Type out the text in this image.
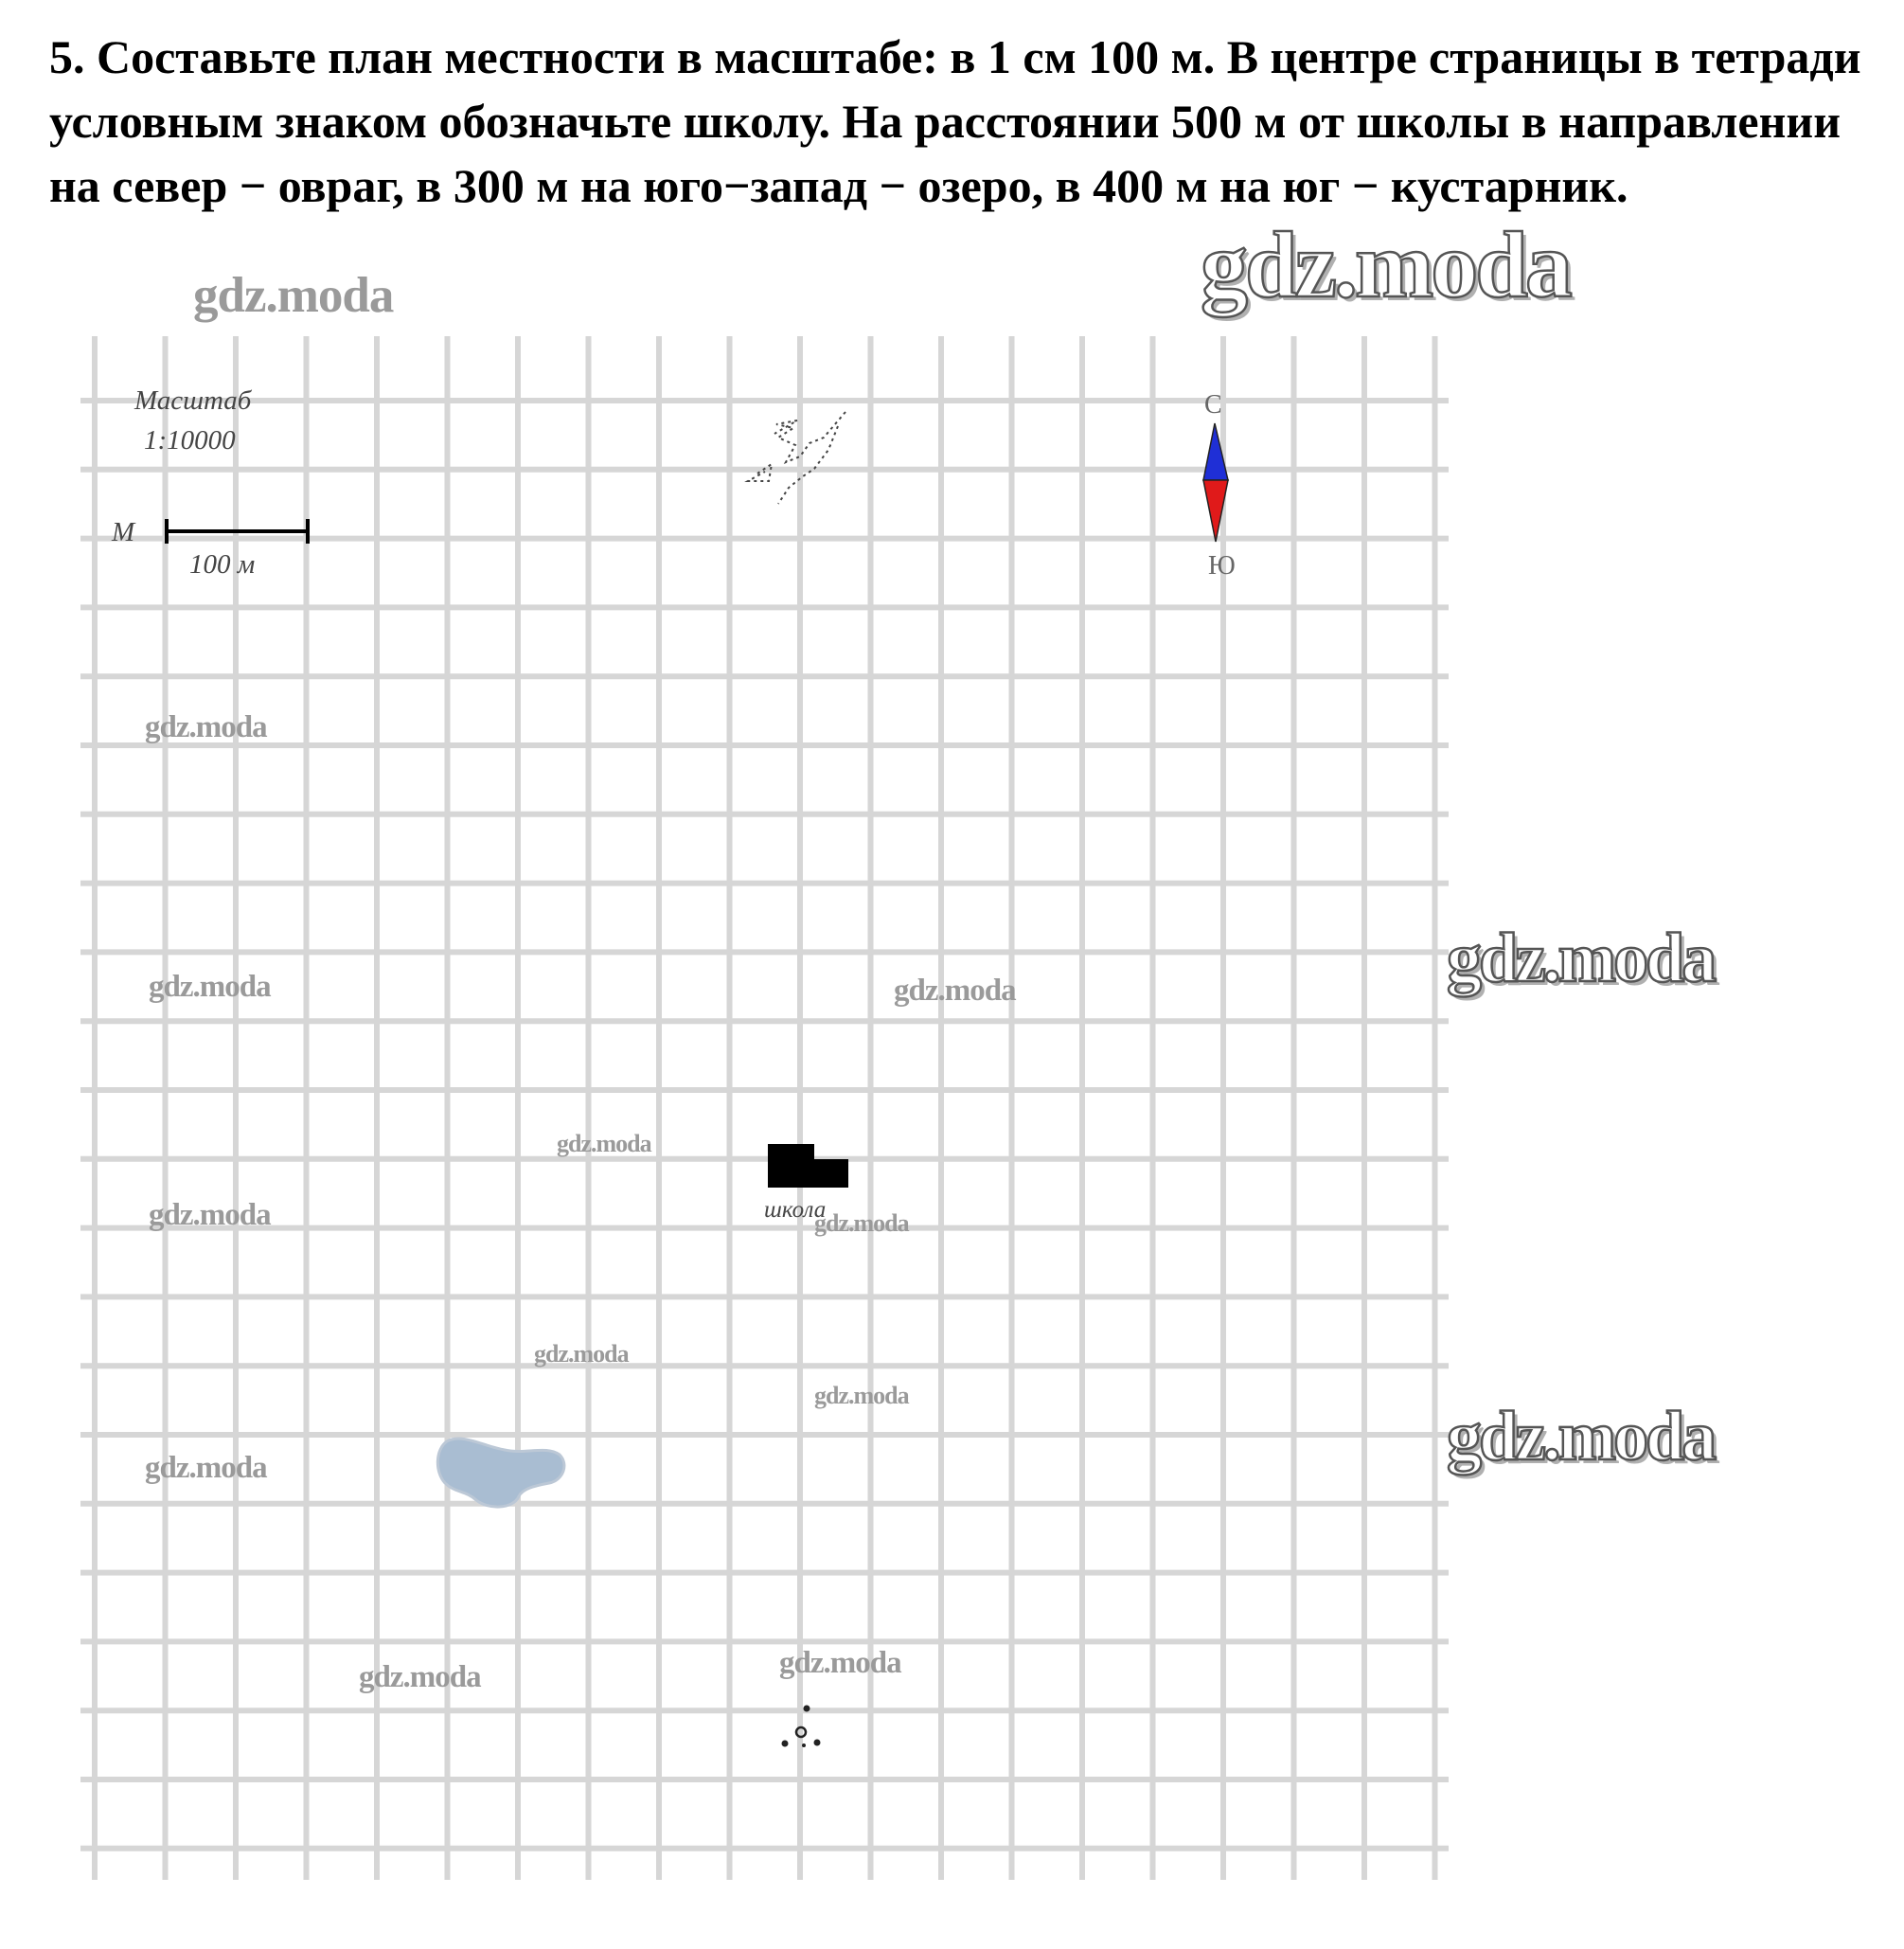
5. Составьте план местности в масштабе: в 1 см 100 м. В центре страницы в тетради условным знаком обозначьте школу. На расстоянии 500 м от школы в направлении на север − овраг, в 300 м на юго−запад − озеро, в 400 м на юг − кустарник.

Масштаб
1:10000
М
100 м
С
Ю
школа
gdz.moda
gdz.moda
gdz.moda
gdz.moda
gdz.moda	gdz.moda
gdz.moda
gdz.moda	gdz.moda
gdz.moda
gdz.moda
gdz.moda
gdz.moda
gdz.moda
gdz.moda
